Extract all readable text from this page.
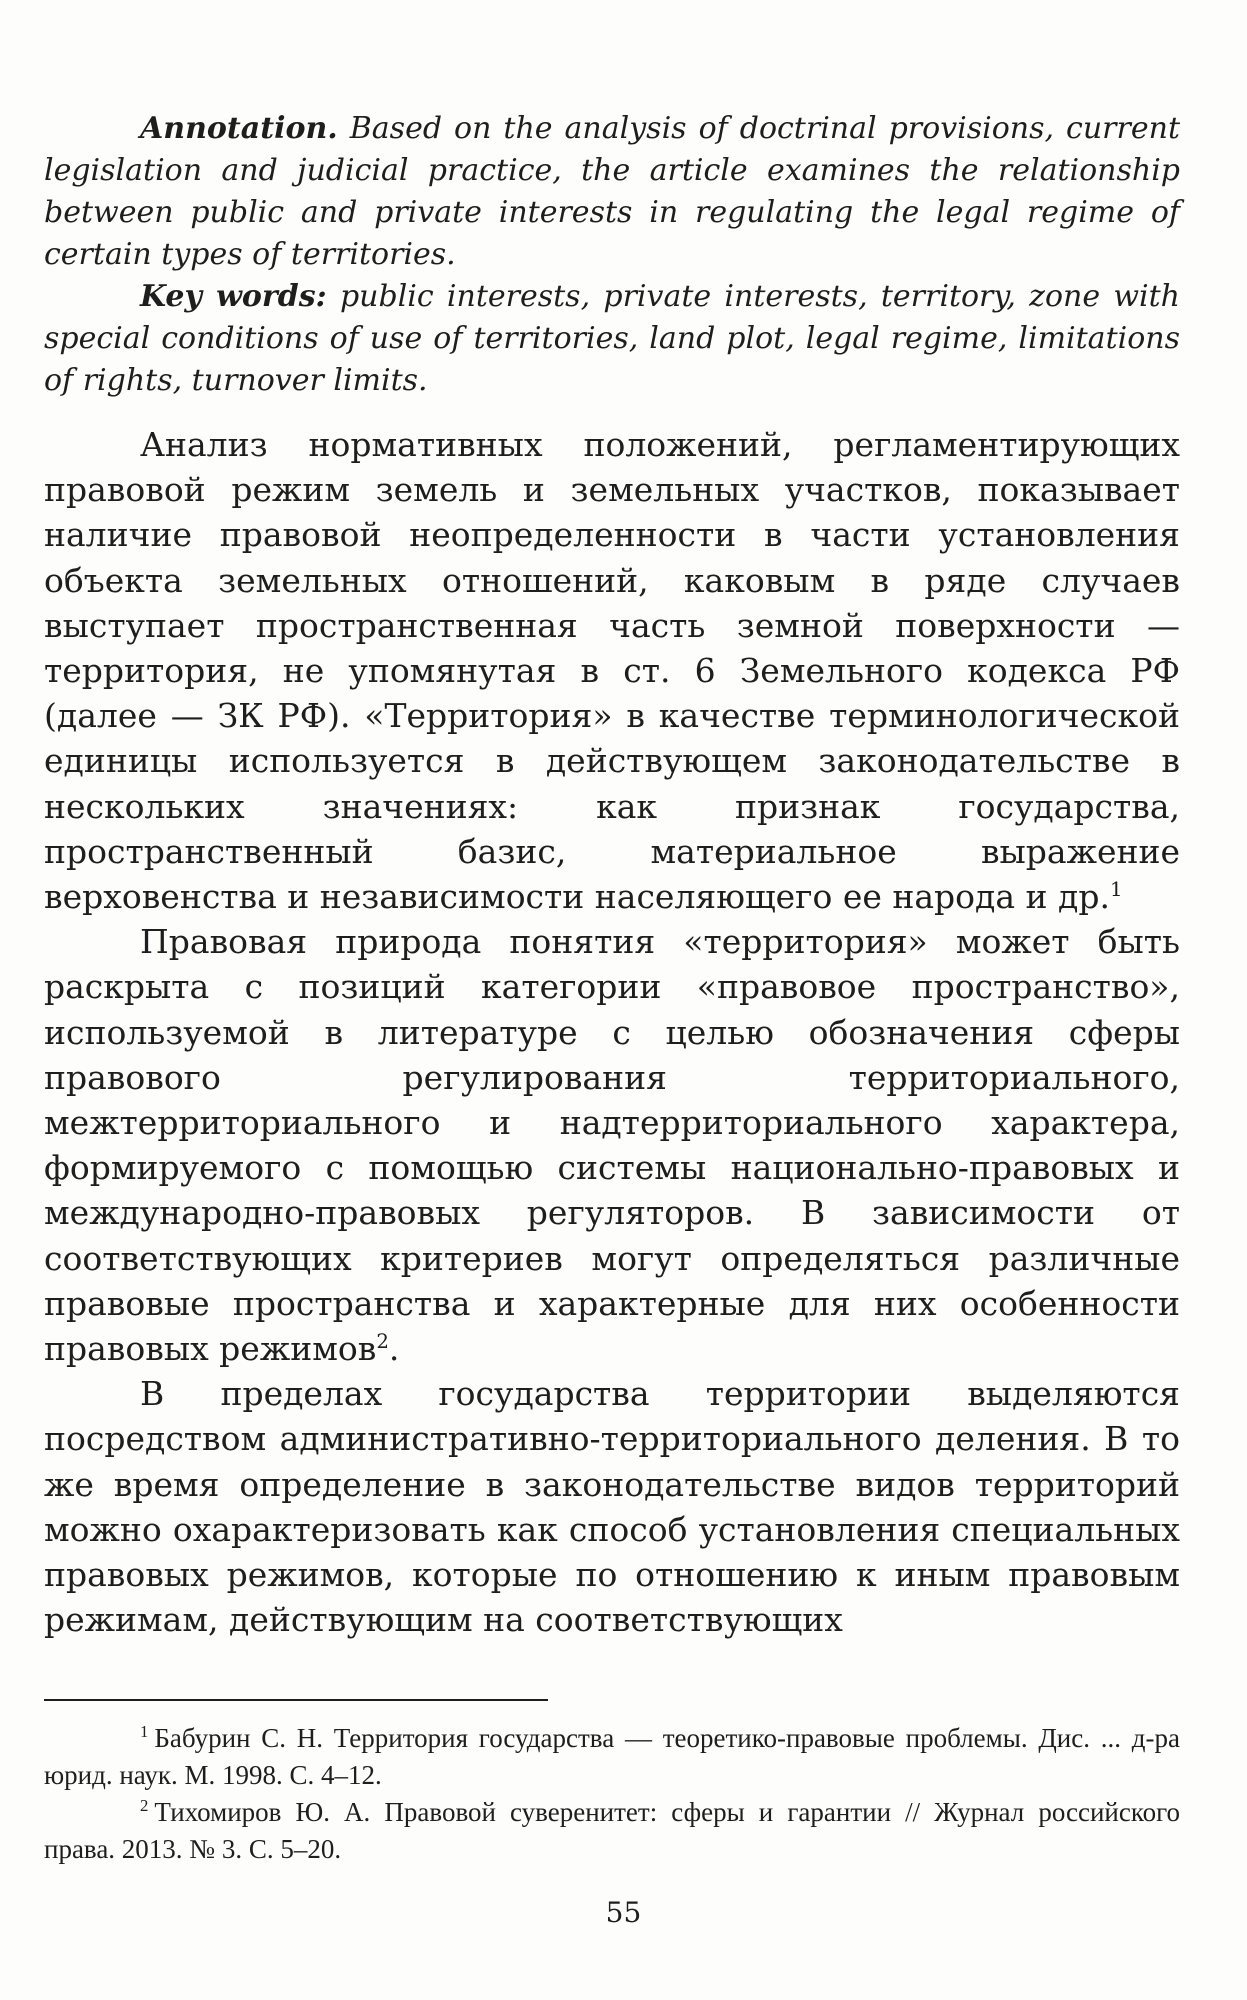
Annotation. Based on the analysis of doctrinal provisions, current legislation and judicial practice, the article examines the relationship between public and private interests in regulating the legal regime of certain types of territories.

Key words: public interests, private interests, territory, zone with special conditions of use of territories, land plot, legal regime, limitations of rights, turnover limits.

Анализ нормативных положений, регламентирующих правовой режим земель и земельных участков, показывает наличие правовой неопределенности в части установления объекта земельных отношений, каковым в ряде случаев выступает пространственная часть земной поверхности — территория, не упомянутая в ст. 6 Земельного кодекса РФ (далее — ЗК РФ). «Территория» в качестве терминологической единицы используется в действующем законодательстве в нескольких значениях: как признак государства, пространственный базис, материальное выражение верховенства и независимости населяющего ее народа и др.$^1$

Правовая природа понятия «территория» может быть раскрыта с позиций категории «правовое пространство», используемой в литературе с целью обозначения сферы правового регулирования территориального, межтерриториального и надтерриториального характера, формируемого с помощью системы национально-правовых и международно-правовых регуляторов. В зависимости от соответствующих критериев могут определяться различные правовые пространства и характерные для них особенности правовых режимов$^2$.

В пределах государства территории выделяются посредством административно-территориального деления. В то же время определение в законодательстве видов территорий можно охарактеризовать как способ установления специальных правовых режимов, которые по отношению к иным правовым режимам, действующим на соответствующих

$^1$ Бабурин С. Н. Территория государства — теоретико-правовые проблемы. Дис. ... д-ра юрид. наук. М. 1998. С. 4–12.

$^2$ Тихомиров Ю. А. Правовой суверенитет: сферы и гарантии // Журнал российского права. 2013. № 3. С. 5–20.

55
